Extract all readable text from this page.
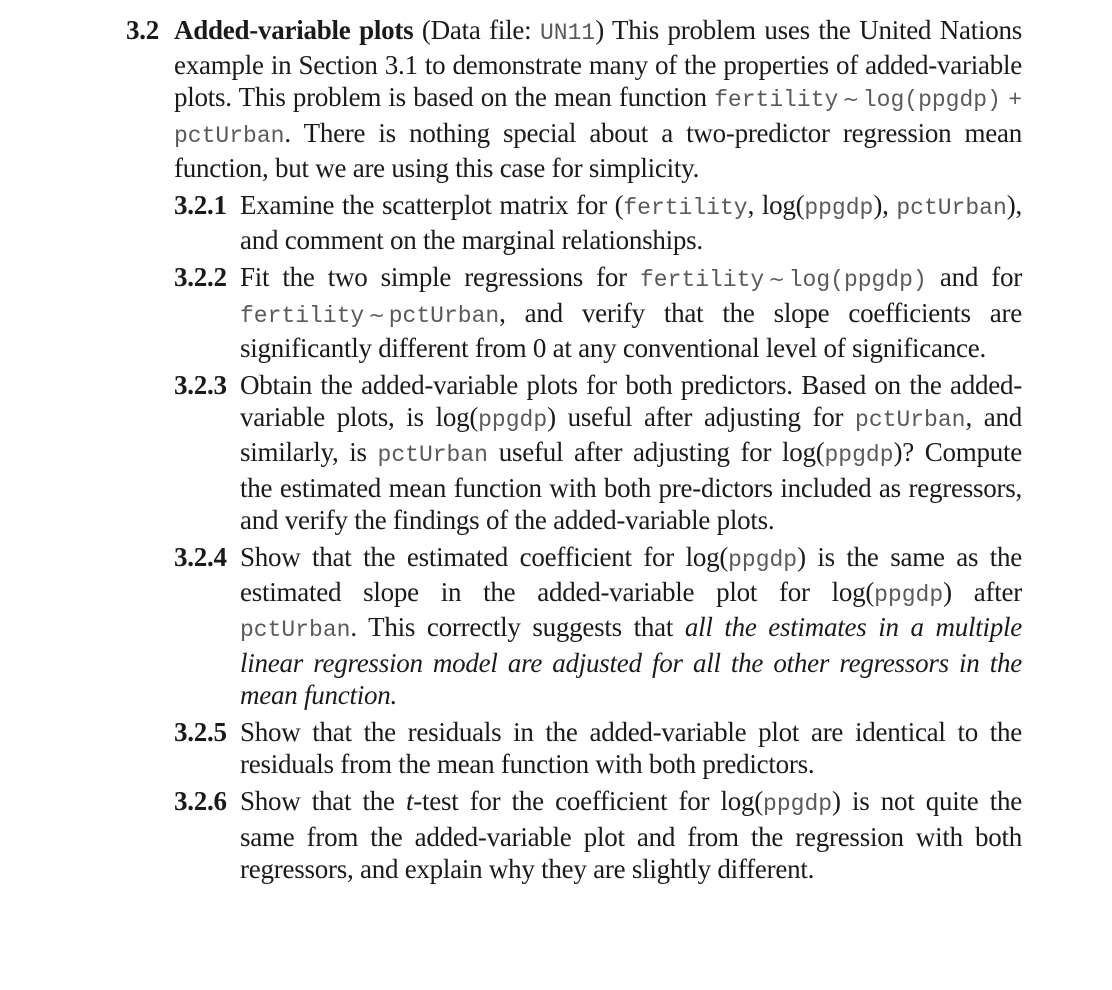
3.2 Added-variable plots (Data file: UN11) This problem uses the United Nations example in Section 3.1 to demonstrate many of the properties of added-variable plots. This problem is based on the mean function fertility ~ log(ppgdp) + pctUrban. There is nothing special about a two-predictor regression mean function, but we are using this case for simplicity.
3.2.1 Examine the scatterplot matrix for (fertility, log(ppgdp), pctUrban), and comment on the marginal relationships.
3.2.2 Fit the two simple regressions for fertility ~ log(ppgdp) and for fertility ~ pctUrban, and verify that the slope coefficients are significantly different from 0 at any conventional level of significance.
3.2.3 Obtain the added-variable plots for both predictors. Based on the added-variable plots, is log(ppgdp) useful after adjusting for pctUrban, and similarly, is pctUrban useful after adjusting for log(ppgdp)? Compute the estimated mean function with both pre-dictors included as regressors, and verify the findings of the added-variable plots.
3.2.4 Show that the estimated coefficient for log(ppgdp) is the same as the estimated slope in the added-variable plot for log(ppgdp) after pctUrban. This correctly suggests that all the estimates in a multiple linear regression model are adjusted for all the other regressors in the mean function.
3.2.5 Show that the residuals in the added-variable plot are identical to the residuals from the mean function with both predictors.
3.2.6 Show that the t-test for the coefficient for log(ppgdp) is not quite the same from the added-variable plot and from the regression with both regressors, and explain why they are slightly different.
